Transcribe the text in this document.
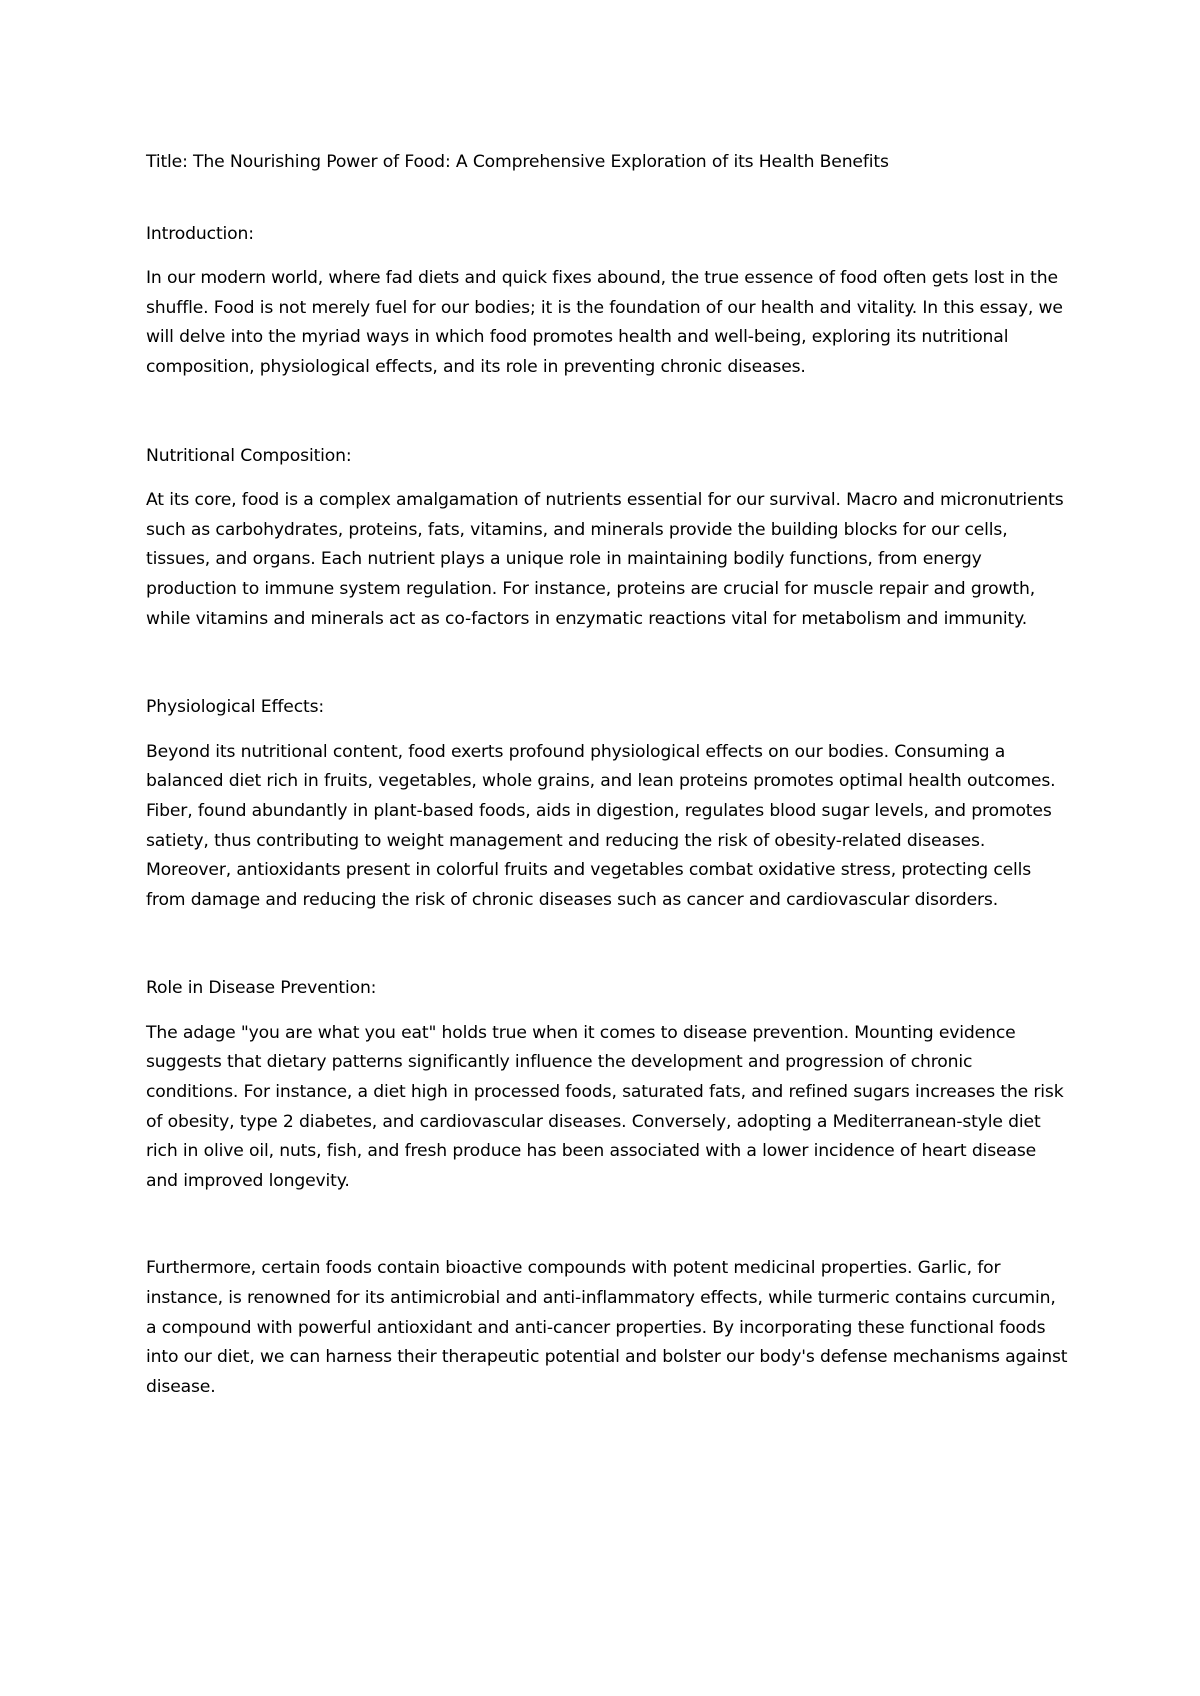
Title: The Nourishing Power of Food: A Comprehensive Exploration of its Health Benefits
Introduction:

In our modern world, where fad diets and quick fixes abound, the true essence of food often gets lost in the shuffle. Food is not merely fuel for our bodies; it is the foundation of our health and vitality. In this essay, we will delve into the myriad ways in which food promotes health and well-being, exploring its nutritional composition, physiological effects, and its role in preventing chronic diseases.

Nutritional Composition:

At its core, food is a complex amalgamation of nutrients essential for our survival. Macro and micronutrients such as carbohydrates, proteins, fats, vitamins, and minerals provide the building blocks for our cells, tissues, and organs. Each nutrient plays a unique role in maintaining bodily functions, from energy production to immune system regulation. For instance, proteins are crucial for muscle repair and growth, while vitamins and minerals act as co-factors in enzymatic reactions vital for metabolism and immunity.

Physiological Effects:

Beyond its nutritional content, food exerts profound physiological effects on our bodies. Consuming a balanced diet rich in fruits, vegetables, whole grains, and lean proteins promotes optimal health outcomes. Fiber, found abundantly in plant-based foods, aids in digestion, regulates blood sugar levels, and promotes satiety, thus contributing to weight management and reducing the risk of obesity-related diseases. Moreover, antioxidants present in colorful fruits and vegetables combat oxidative stress, protecting cells from damage and reducing the risk of chronic diseases such as cancer and cardiovascular disorders.

Role in Disease Prevention:

The adage "you are what you eat" holds true when it comes to disease prevention. Mounting evidence suggests that dietary patterns significantly influence the development and progression of chronic conditions. For instance, a diet high in processed foods, saturated fats, and refined sugars increases the risk of obesity, type 2 diabetes, and cardiovascular diseases. Conversely, adopting a Mediterranean-style diet rich in olive oil, nuts, fish, and fresh produce has been associated with a lower incidence of heart disease and improved longevity.

Furthermore, certain foods contain bioactive compounds with potent medicinal properties. Garlic, for instance, is renowned for its antimicrobial and anti-inflammatory effects, while turmeric contains curcumin, a compound with powerful antioxidant and anti-cancer properties. By incorporating these functional foods into our diet, we can harness their therapeutic potential and bolster our body's defense mechanisms against disease.
